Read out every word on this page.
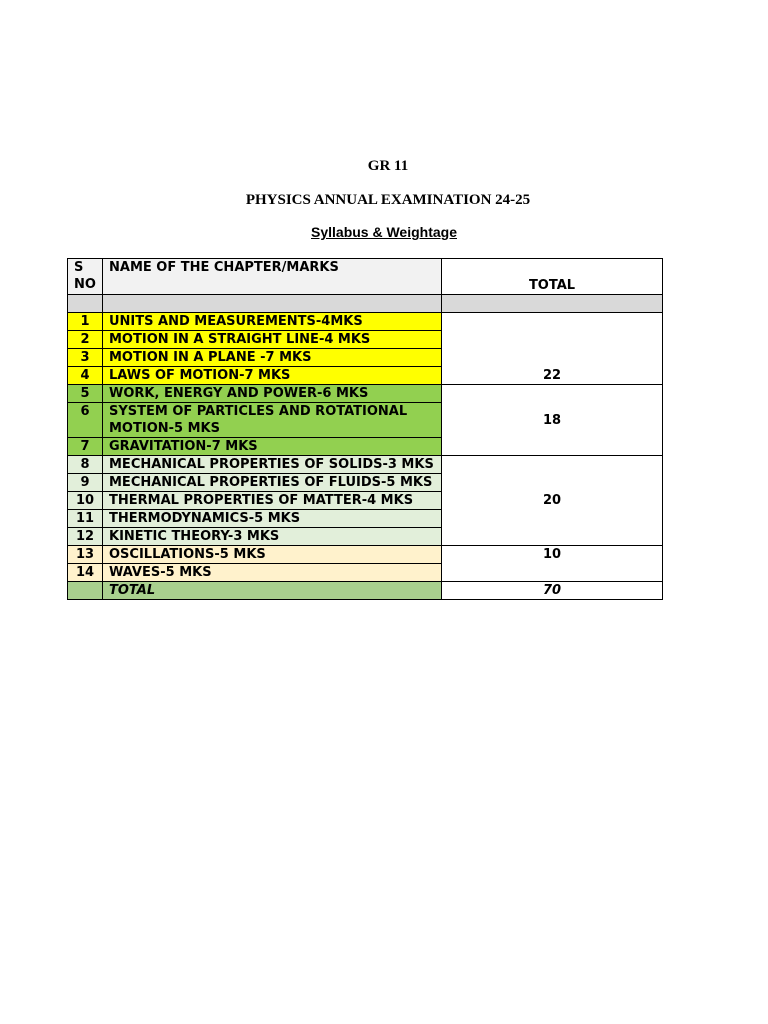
GR 11
PHYSICS ANNUAL EXAMINATION 24-25
Syllabus & Weightage
S
NO	NAME OF THE CHAPTER/MARKS	TOTAL

1	UNITS AND MEASUREMENTS-4MKS	22
2	MOTION IN A STRAIGHT LINE-4 MKS	
3	MOTION IN A PLANE -7 MKS	
4	LAWS OF MOTION-7 MKS	
5	WORK, ENERGY AND POWER-6 MKS	18
6	SYSTEM OF PARTICLES AND ROTATIONAL MOTION-5 MKS	
7	GRAVITATION-7 MKS	
8	MECHANICAL PROPERTIES OF SOLIDS-3 MKS	20
9	MECHANICAL PROPERTIES OF FLUIDS-5 MKS	
10	THERMAL PROPERTIES OF MATTER-4 MKS	
11	THERMODYNAMICS-5 MKS	
12	KINETIC THEORY-3 MKS	
13	OSCILLATIONS-5 MKS	10
14	WAVES-5 MKS	
	TOTAL	70
